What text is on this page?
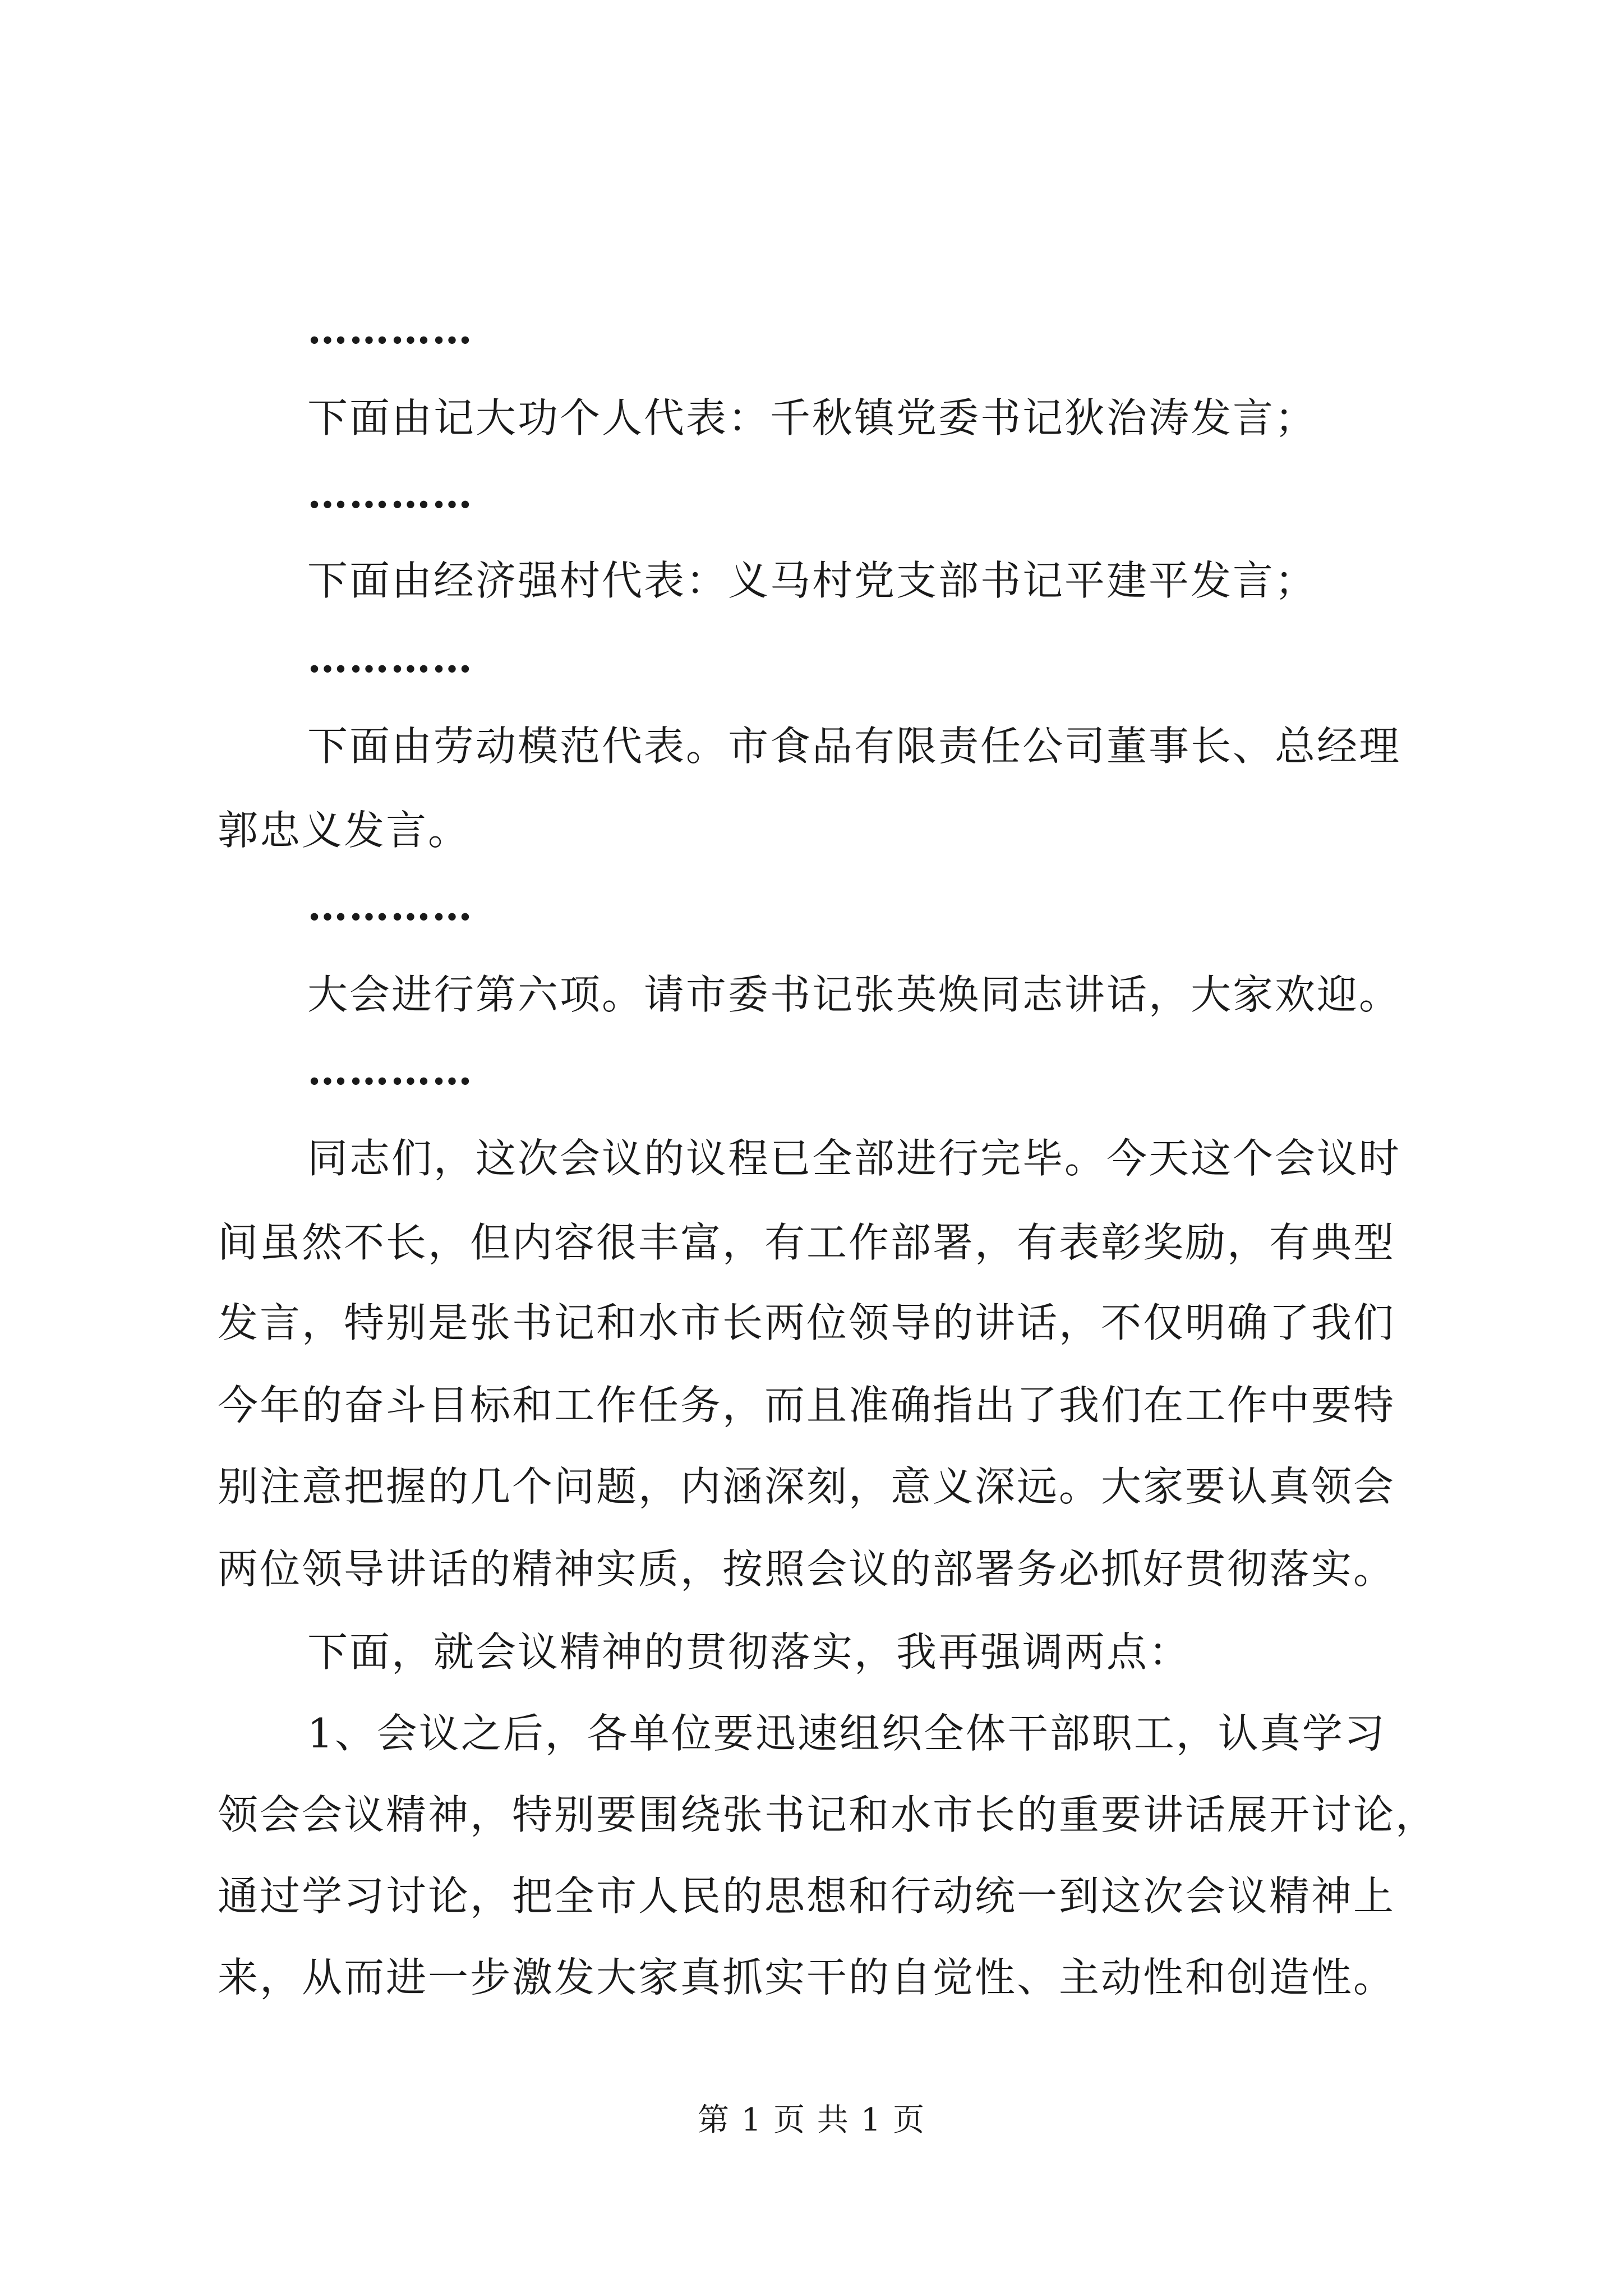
…………
下面由记大功个人代表：千秋镇党委书记狄治涛发言；
…………
下面由经济强村代表：义马村党支部书记平建平发言；
…………
下面由劳动模范代表。市食品有限责任公司董事长、总经理
郭忠义发言。
…………
大会进行第六项。请市委书记张英焕同志讲话，大家欢迎。
…………
同志们，这次会议的议程已全部进行完毕。今天这个会议时
间虽然不长，但内容很丰富，有工作部署，有表彰奖励，有典型
发言，特别是张书记和水市长两位领导的讲话，不仅明确了我们
今年的奋斗目标和工作任务，而且准确指出了我们在工作中要特
别注意把握的几个问题，内涵深刻，意义深远。大家要认真领会
两位领导讲话的精神实质，按照会议的部署务必抓好贯彻落实。
下面，就会议精神的贯彻落实，我再强调两点：
1、会议之后，各单位要迅速组织全体干部职工，认真学习
领会会议精神，特别要围绕张书记和水市长的重要讲话展开讨论，
通过学习讨论，把全市人民的思想和行动统一到这次会议精神上
来，从而进一步激发大家真抓实干的自觉性、主动性和创造性。
第 1 页 共 1 页
